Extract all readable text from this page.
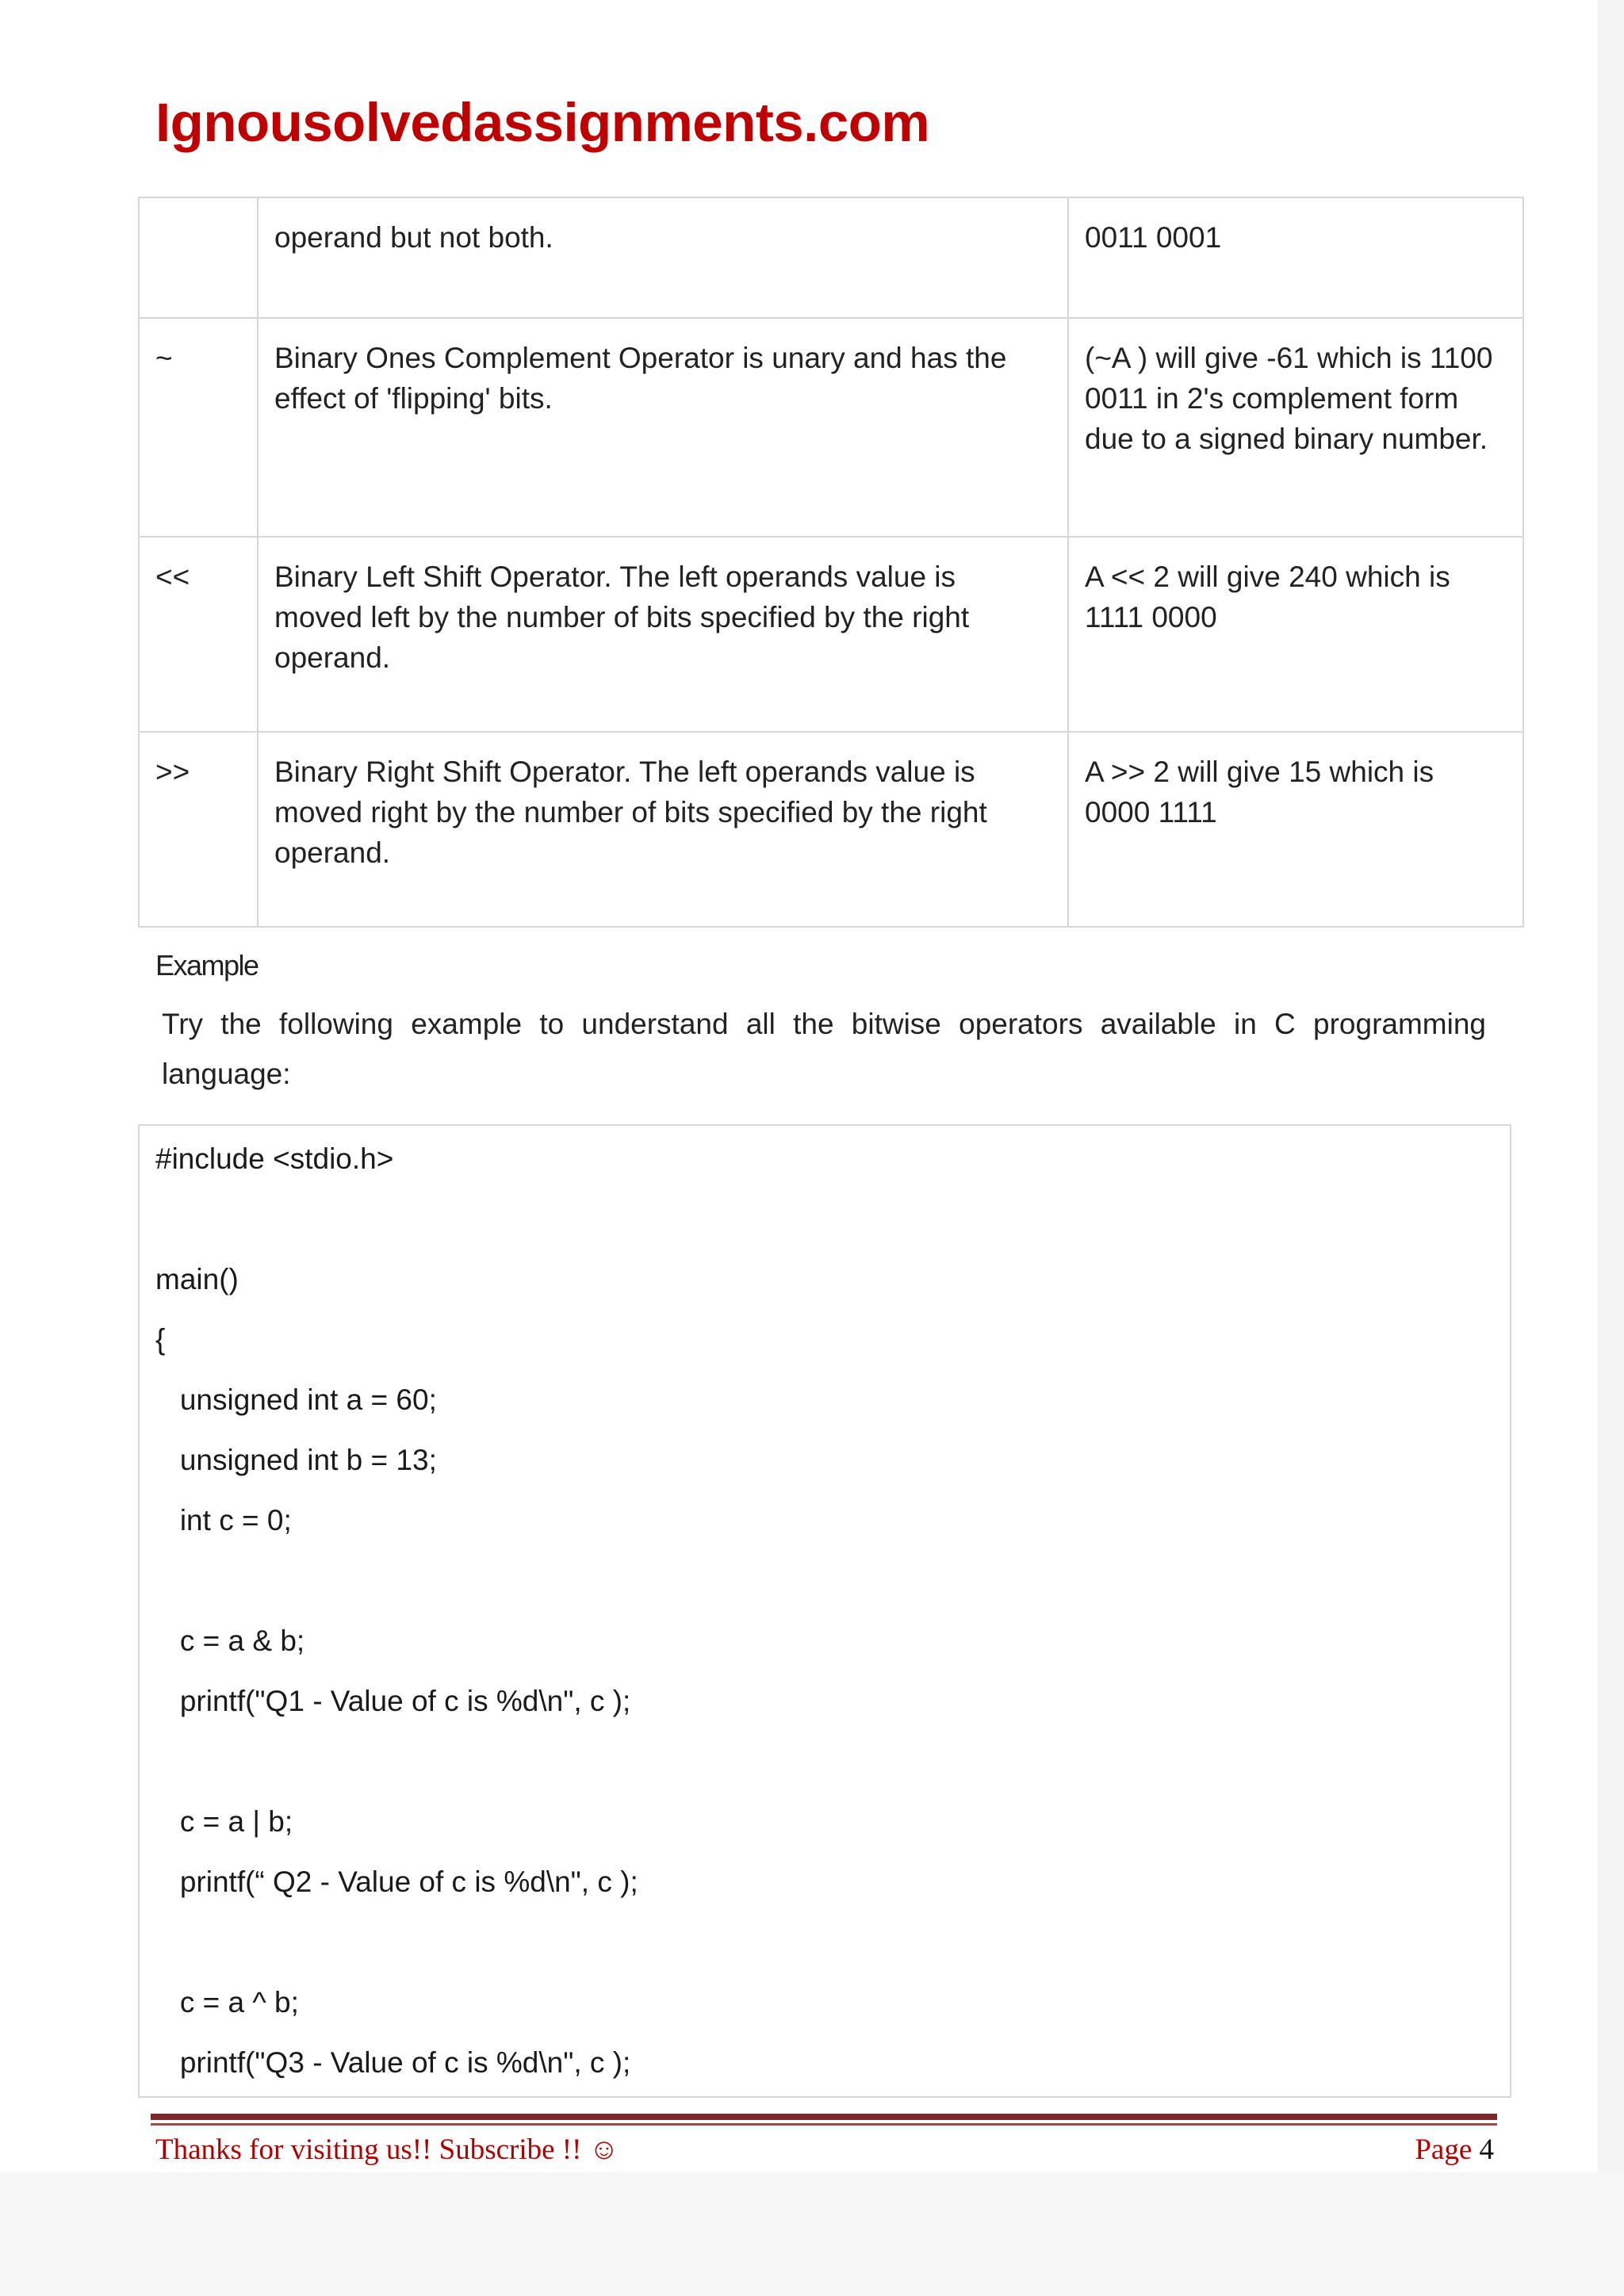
Ignousolvedassignments.com
	operand but not both.	0011 0001
~	Binary Ones Complement Operator is unary and has the effect of 'flipping' bits.	(~A ) will give -61 which is 1100 0011 in 2's complement form due to a signed binary number.
<<	Binary Left Shift Operator. The left operands value is moved left by the number of bits specified by the right operand.	A << 2 will give 240 which is 1111 0000
>>	Binary Right Shift Operator. The left operands value is moved right by the number of bits specified by the right operand.	A >> 2 will give 15 which is 0000 1111
Example

Try the following example to understand all the bitwise operators available in C programming language:

#include <stdio.h>
main()
{
unsigned int a = 60;
unsigned int b = 13;
int c = 0;
c = a & b;
printf("Q1 - Value of c is %d\n", c );
c = a | b;
printf(“ Q2 - Value of c is %d\n", c );
c = a ^ b;
printf("Q3 - Value of c is %d\n", c );
Thanks for visiting us!! Subscribe !! ☺	Page 4
